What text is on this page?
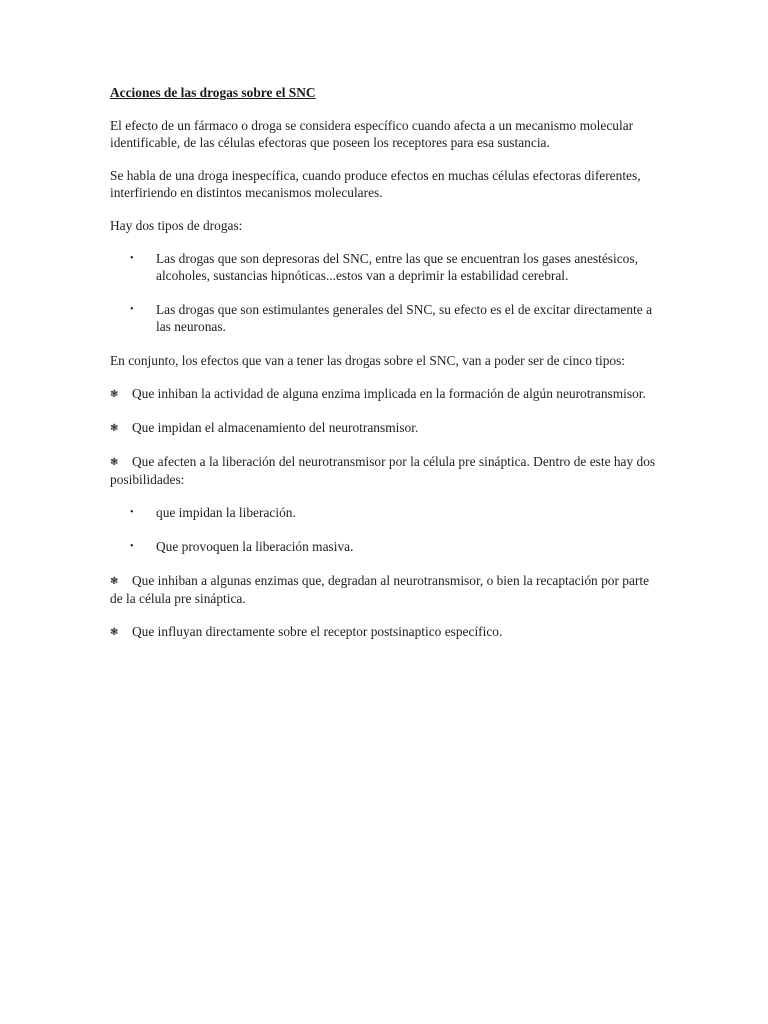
Acciones de las drogas sobre el SNC

El efecto de un fármaco o droga se considera específico cuando afecta a un mecanismo molecular identificable, de las células efectoras que poseen los receptores para esa sustancia.

Se habla de una droga inespecífica, cuando produce efectos en muchas células efectoras diferentes, interfiriendo en distintos mecanismos moleculares.

Hay dos tipos de drogas:

•	Las drogas que son depresoras del SNC, entre las que se encuentran los gases anestésicos, alcoholes, sustancias hipnóticas...estos van a deprimir la estabilidad cerebral.
•	Las drogas que son estimulantes generales del SNC, su efecto es el de excitar directamente a las neuronas.

En conjunto, los efectos que van a tener las drogas sobre el SNC, van a poder ser de cinco tipos:

❃ Que inhiban la actividad de alguna enzima implicada en la formación de algún neurotransmisor.

❃ Que impidan el almacenamiento del neurotransmisor.

❃ Que afecten a la liberación del neurotransmisor por la célula pre sináptica. Dentro de este hay dos posibilidades:

•	que impidan la liberación.
•	Que provoquen la liberación masiva.

❃ Que inhiban a algunas enzimas que, degradan al neurotransmisor, o bien la recaptación por parte de la célula pre sináptica.

❃ Que influyan directamente sobre el receptor postsinaptico específico.
